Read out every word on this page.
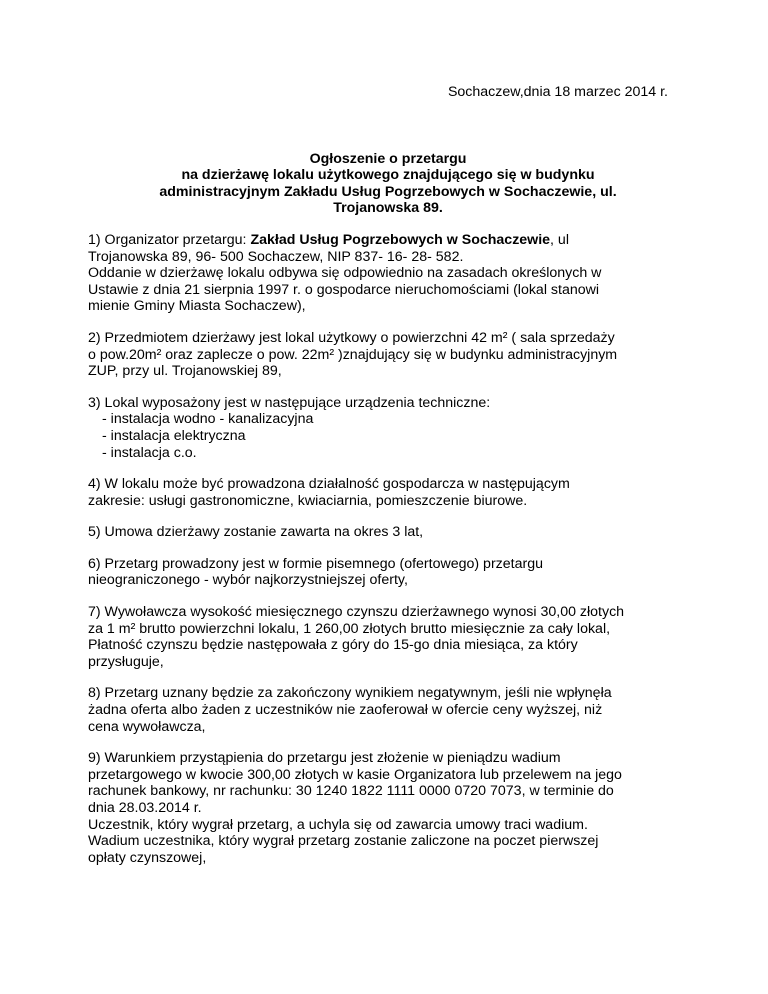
Sochaczew,dnia 18 marzec 2014 r.
Ogłoszenie o przetargu
na dzierżawę lokalu użytkowego znajdującego się w budynku
administracyjnym Zakładu Usług Pogrzebowych w Sochaczewie, ul.
Trojanowska 89.
1) Organizator przetargu: Zakład Usług Pogrzebowych w Sochaczewie, ul
Trojanowska 89, 96- 500 Sochaczew, NIP 837- 16- 28- 582.
Oddanie w dzierżawę lokalu odbywa się odpowiednio na zasadach określonych w
Ustawie z dnia 21 sierpnia 1997 r. o gospodarce nieruchomościami (lokal stanowi
mienie Gminy Miasta Sochaczew),
2) Przedmiotem dzierżawy jest lokal użytkowy o powierzchni 42 m² ( sala sprzedaży
o pow.20m² oraz zaplecze o pow. 22m² )znajdujący się w budynku administracyjnym
ZUP, przy ul. Trojanowskiej 89,
3) Lokal wyposażony jest w następujące urządzenia techniczne:
- instalacja wodno - kanalizacyjna
- instalacja elektryczna
- instalacja c.o.
4) W lokalu może być prowadzona działalność gospodarcza w następującym
zakresie: usługi gastronomiczne, kwiaciarnia, pomieszczenie biurowe.
5) Umowa dzierżawy zostanie zawarta na okres 3 lat,
6) Przetarg prowadzony jest w formie pisemnego (ofertowego) przetargu
nieograniczonego - wybór najkorzystniejszej oferty,
7) Wywoławcza wysokość miesięcznego czynszu dzierżawnego wynosi 30,00 złotych
za 1 m² brutto powierzchni lokalu, 1 260,00 złotych brutto miesięcznie za cały lokal,
Płatność czynszu będzie następowała z góry do 15-go dnia miesiąca, za który
przysługuje,
8) Przetarg uznany będzie za zakończony wynikiem negatywnym, jeśli nie wpłynęła
żadna oferta albo żaden z uczestników nie zaoferował w ofercie ceny wyższej, niż
cena wywoławcza,
9) Warunkiem przystąpienia do przetargu jest złożenie w pieniądzu wadium
przetargowego w kwocie 300,00 złotych w kasie Organizatora lub przelewem na jego
rachunek bankowy, nr rachunku: 30 1240 1822 1111 0000 0720 7073, w terminie do
dnia 28.03.2014 r.
Uczestnik, który wygrał przetarg, a uchyla się od zawarcia umowy traci wadium.
Wadium uczestnika, który wygrał przetarg zostanie zaliczone na poczet pierwszej
opłaty czynszowej,
